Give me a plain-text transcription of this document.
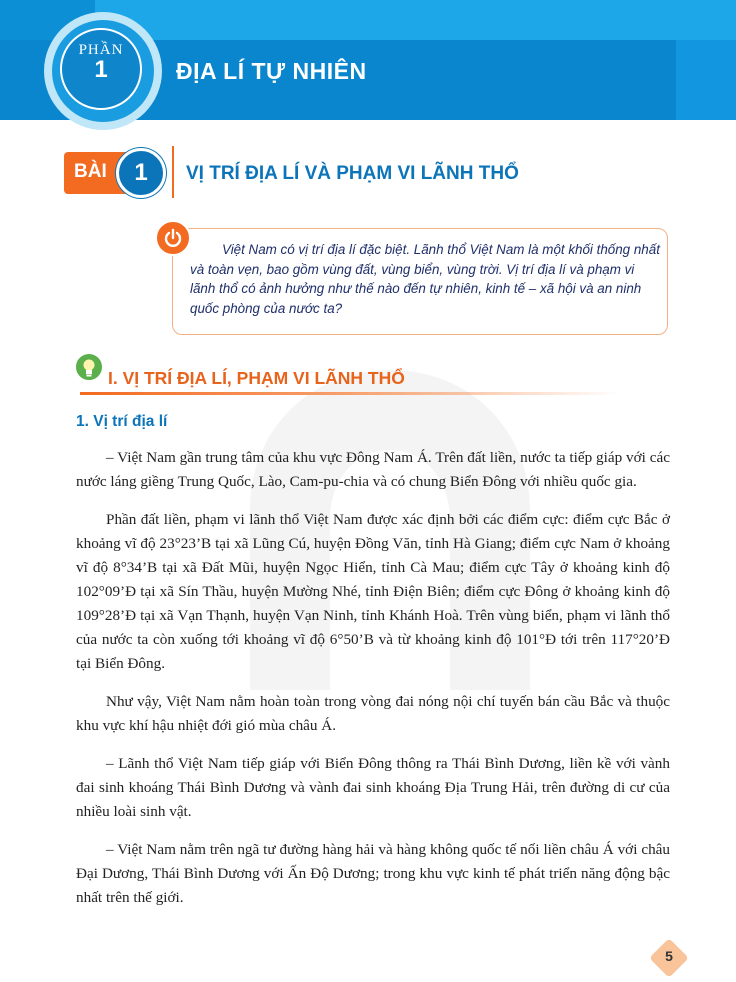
ĐỊA LÍ TỰ NHIÊN
PHẦN
1
BÀI	1	VỊ TRÍ ĐỊA LÍ VÀ PHẠM VI LÃNH THỔ

Việt Nam có vị trí địa lí đặc biệt. Lãnh thổ Việt Nam là một khối thống nhất và toàn vẹn, bao gồm vùng đất, vùng biển, vùng trời. Vị trí địa lí và phạm vi lãnh thổ có ảnh hưởng như thế nào đến tự nhiên, kinh tế – xã hội và an ninh quốc phòng của nước ta?

I. VỊ TRÍ ĐỊA LÍ, PHẠM VI LÃNH THỔ
1. Vị trí địa lí

– Việt Nam gần trung tâm của khu vực Đông Nam Á. Trên đất liền, nước ta tiếp giáp với các nước láng giềng Trung Quốc, Lào, Cam-pu-chia và có chung Biển Đông với nhiều quốc gia.

Phần đất liền, phạm vi lãnh thổ Việt Nam được xác định bởi các điểm cực: điểm cực Bắc ở khoảng vĩ độ 23°23’B tại xã Lũng Cú, huyện Đồng Văn, tỉnh Hà Giang; điểm cực Nam ở khoảng vĩ độ 8°34’B tại xã Đất Mũi, huyện Ngọc Hiển, tỉnh Cà Mau; điểm cực Tây ở khoảng kinh độ 102°09’Đ tại xã Sín Thầu, huyện Mường Nhé, tỉnh Điện Biên; điểm cực Đông ở khoảng kinh độ 109°28’Đ tại xã Vạn Thạnh, huyện Vạn Ninh, tỉnh Khánh Hoà. Trên vùng biển, phạm vi lãnh thổ của nước ta còn xuống tới khoảng vĩ độ 6°50’B và từ khoảng kinh độ 101°Đ tới trên 117°20’Đ tại Biển Đông.

Như vậy, Việt Nam nằm hoàn toàn trong vòng đai nóng nội chí tuyến bán cầu Bắc và thuộc khu vực khí hậu nhiệt đới gió mùa châu Á.

– Lãnh thổ Việt Nam tiếp giáp với Biển Đông thông ra Thái Bình Dương, liền kề với vành đai sinh khoáng Thái Bình Dương và vành đai sinh khoáng Địa Trung Hải, trên đường di cư của nhiều loài sinh vật.

– Việt Nam nằm trên ngã tư đường hàng hải và hàng không quốc tế nối liền châu Á với châu Đại Dương, Thái Bình Dương với Ấn Độ Dương; trong khu vực kinh tế phát triển năng động bậc nhất trên thế giới.

5
